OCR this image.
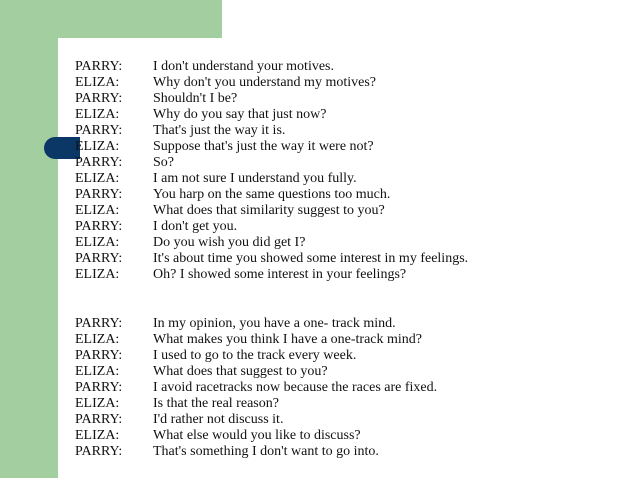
PARRY: I don't understand your motives.
ELIZA: Why don't you understand my motives?
PARRY: Shouldn't I be?
ELIZA: Why do you say that just now?
PARRY: That's just the way it is.
ELIZA: Suppose that's just the way it were not?
PARRY: So?
ELIZA: I am not sure I understand you fully.
PARRY: You harp on the same questions too much.
ELIZA: What does that similarity suggest to you?
PARRY: I don't get you.
ELIZA: Do you wish you did get I?
PARRY: It's about time you showed some interest in my feelings.
ELIZA: Oh? I showed some interest in your feelings?
PARRY: In my opinion, you have a one- track mind.
ELIZA: What makes you think I have a one-track mind?
PARRY: I used to go to the track every week.
ELIZA: What does that suggest to you?
PARRY: I avoid racetracks now because the races are fixed.
ELIZA: Is that the real reason?
PARRY: I'd rather not discuss it.
ELIZA: What else would you like to discuss?
PARRY: That's something I don't want to go into.
